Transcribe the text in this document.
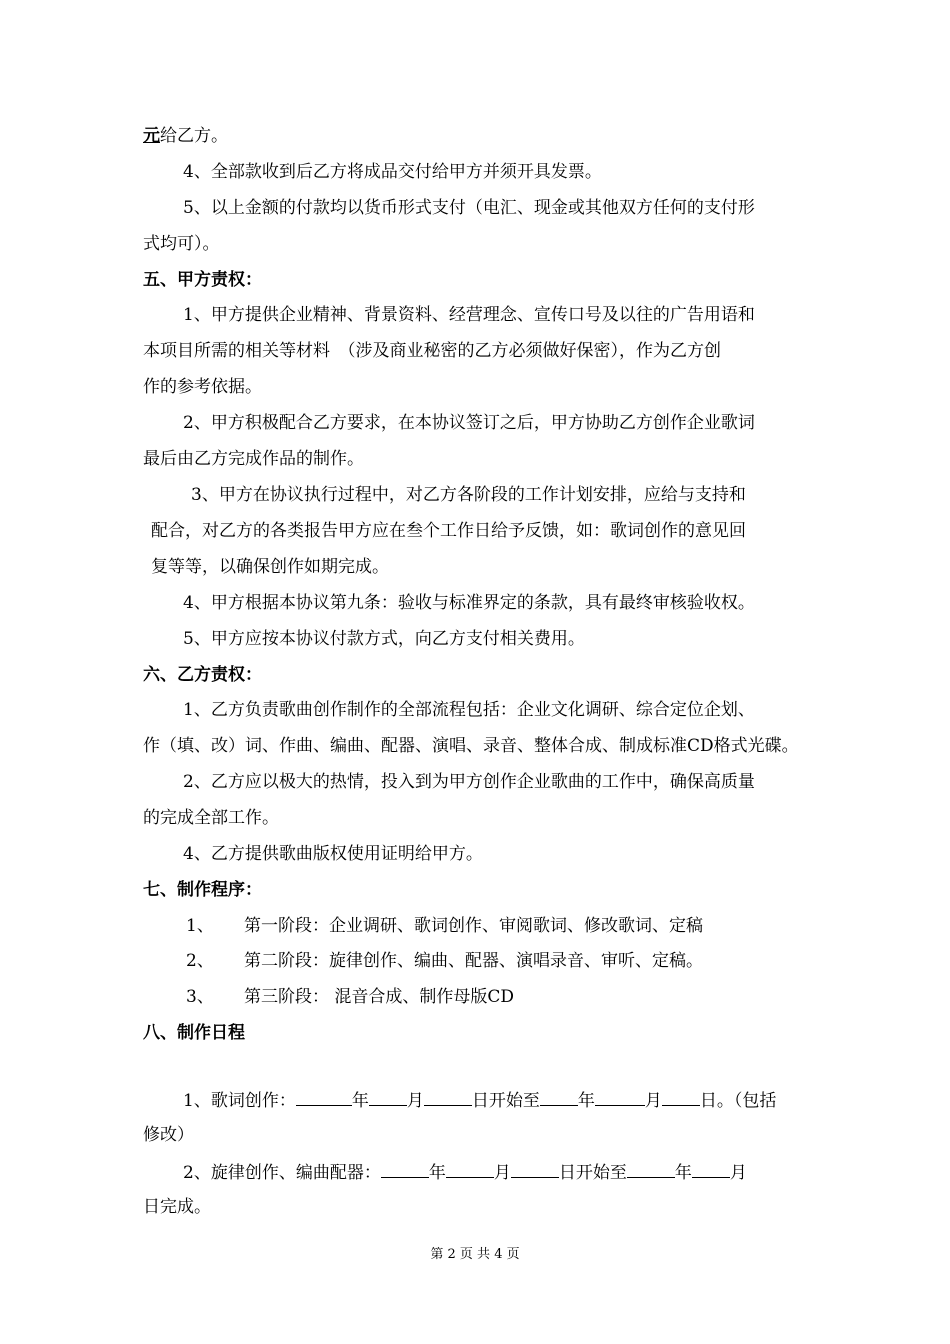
元给乙方。
4、全部款收到后乙方将成品交付给甲方并须开具发票。
5、以上金额的付款均以货币形式支付（电汇、现金或其他双方任何的支付形
式均可）。
五、甲方责权：
1、甲方提供企业精神、背景资料、经营理念、宣传口号及以往的广告用语和
本项目所需的相关等材料　（涉及商业秘密的乙方必须做好保密），作为乙方创
作的参考依据。
2、甲方积极配合乙方要求，在本协议签订之后，甲方协助乙方创作企业歌词
最后由乙方完成作品的制作。
3、甲方在协议执行过程中，对乙方各阶段的工作计划安排，应给与支持和
配合，对乙方的各类报告甲方应在叁个工作日给予反馈，如：歌词创作的意见回
复等等，以确保创作如期完成。
4、甲方根据本协议第九条：验收与标准界定的条款，具有最终审核验收权。
5、甲方应按本协议付款方式，向乙方支付相关费用。
六、乙方责权：
1、乙方负责歌曲创作制作的全部流程包括：企业文化调研、综合定位企划、
作（填、改）词、作曲、编曲、配器、演唱、录音、整体合成、制成标准CD格式光碟。
2、乙方应以极大的热情，投入到为甲方创作企业歌曲的工作中，确保高质量
的完成全部工作。
4、乙方提供歌曲版权使用证明给甲方。
七、制作程序：
1、 第一阶段：企业调研、歌词创作、审阅歌词、修改歌词、定稿
2、 第二阶段：旋律创作、编曲、配器、演唱录音、审听、定稿。
3、 第三阶段： 混音合成、制作母版CD
八、制作日程
1、歌词创作：	年 月	日开始至 年	月 日。（包括
修改）
2、旋律创作、编曲配器：	年	月	日开始至	年 月
日完成。
第 2 页 共 4 页
